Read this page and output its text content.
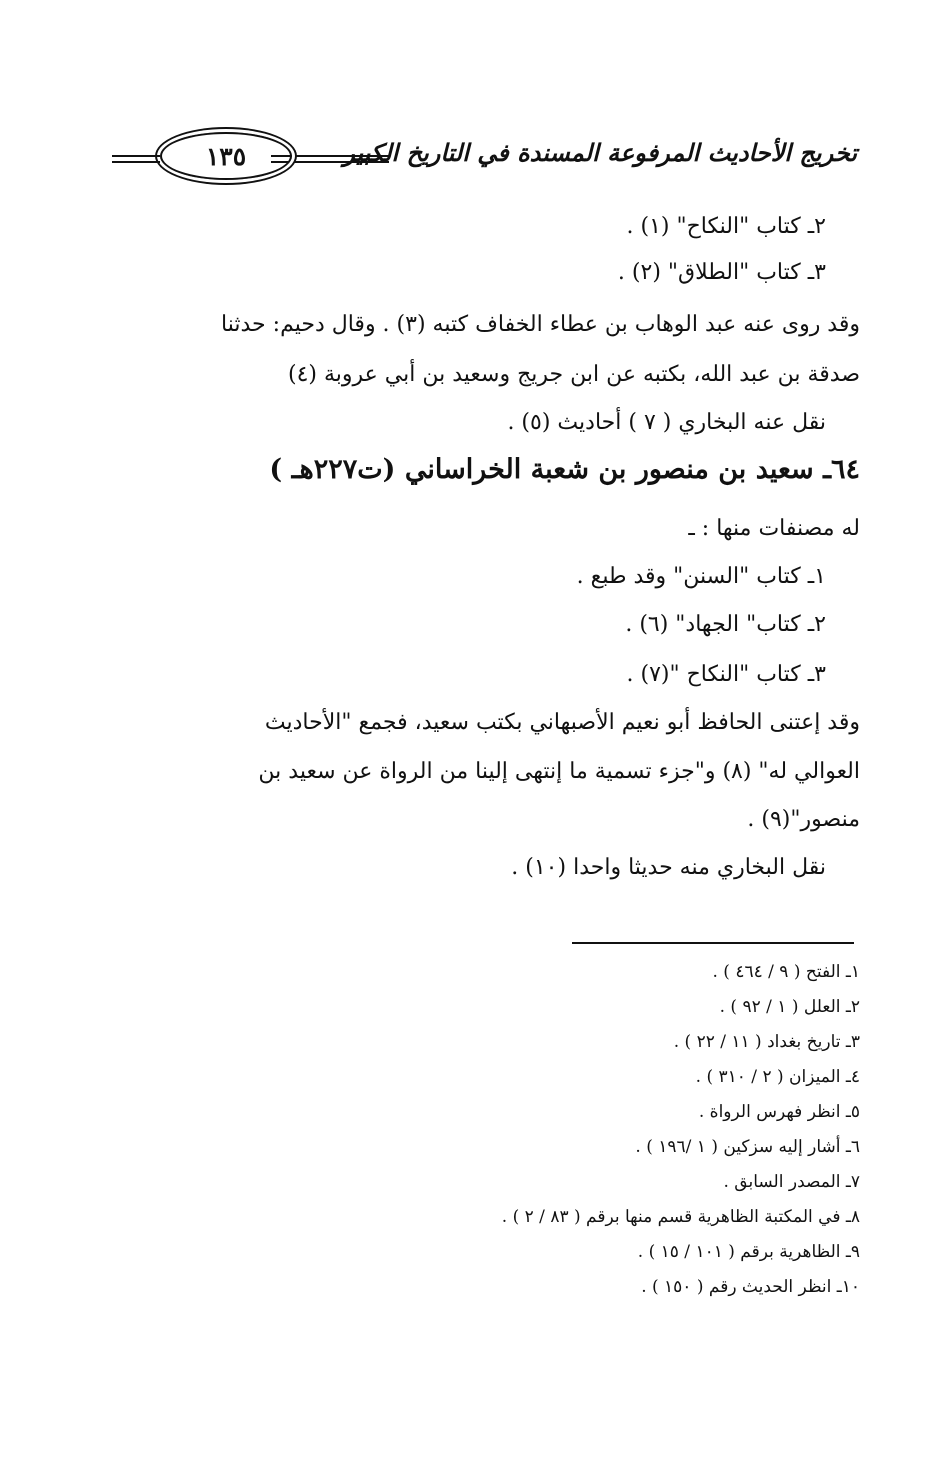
تخريج الأحاديث المرفوعة المسندة في التاريخ الكبير
١٣٥
٢ـ كتاب "النكاح" (١) .
٣ـ كتاب "الطلاق" (٢) .
وقد روى عنه عبد الوهاب بن عطاء الخفاف كتبه (٣) . وقال دحيم: حدثنا
صدقة بن عبد الله، بكتبه عن ابن جريج وسعيد بن أبي عروبة (٤)
نقل عنه البخاري ( ٧ ) أحاديث (٥) .
٦٤ـ سعيد بن منصور بن شعبة الخراساني (ت٢٢٧هـ )
له مصنفات منها : ـ
١ـ كتاب "السنن" وقد طبع .
٢ـ كتاب" الجهاد" (٦) .
٣ـ كتاب "النكاح "(٧) .
وقد إعتنى الحافظ أبو نعيم الأصبهاني بكتب سعيد، فجمع "الأحاديث
العوالي له" (٨) و"جزء تسمية ما إنتهى إلينا من الرواة عن سعيد بن
منصور"(٩) .
نقل البخاري منه حديثا واحدا (١٠) .
١ـ الفتح ( ٩ / ٤٦٤ ) .
٢ـ العلل ( ١ / ٩٢ ) .
٣ـ تاريخ بغداد ( ١١ / ٢٢ ) .
٤ـ الميزان ( ٢ / ٣١٠ ) .
٥ـ انظر فهرس الرواة .
٦ـ أشار إليه سزكين ( ١ /١٩٦ ) .
٧ـ المصدر السابق .
٨ـ في المكتبة الظاهرية قسم منها برقم ( ٨٣ / ٢ ) .
٩ـ الظاهرية برقم ( ١٠١ / ١٥ ) .
١٠ـ انظر الحديث رقم ( ١٥٠ ) .
